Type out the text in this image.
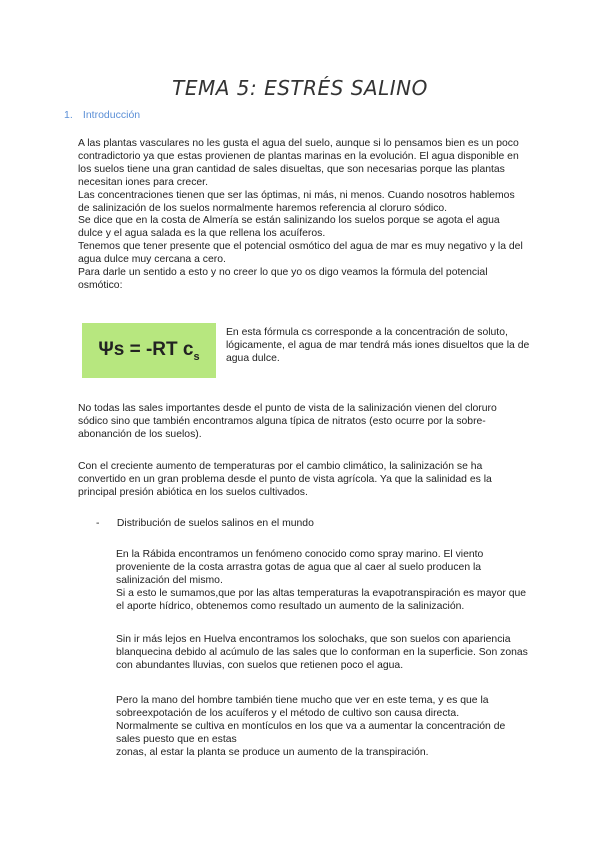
TEMA 5: ESTRÉS SALINO
1. Introducción

A las plantas vasculares no les gusta el agua del suelo, aunque si lo pensamos bien es un poco contradictorio ya que estas provienen de plantas marinas en la evolución. El agua disponible en los suelos tiene una gran cantidad de sales disueltas, que son necesarias porque las plantas necesitan iones para crecer.

Las concentraciones tienen que ser las óptimas, ni más, ni menos. Cuando nosotros hablemos de salinización de los suelos normalmente haremos referencia al cloruro sódico.

Se dice que en la costa de Almería se están salinizando los suelos porque se agota el agua dulce y el agua salada es la que rellena los acuíferos.

Tenemos que tener presente que el potencial osmótico del agua de mar es muy negativo y la del agua dulce muy cercana a cero.

Para darle un sentido a esto y no creer lo que yo os digo veamos la fórmula del potencial osmótico:

Ψs = -RT $c_s$
En esta fórmula cs corresponde a la concentración de soluto, lógicamente, el agua de mar tendrá más iones disueltos que la de agua dulce.

No todas las sales importantes desde el punto de vista de la salinización vienen del cloruro sódico sino que también encontramos alguna típica de nitratos (esto ocurre por la sobre-abonanción de los suelos).

Con el creciente aumento de temperaturas por el cambio climático, la salinización se ha convertido en un gran problema desde el punto de vista agrícola. Ya que la salinidad es la principal presión abiótica en los suelos cultivados.

- Distribución de suelos salinos en el mundo

En la Rábida encontramos un fenómeno conocido como spray marino. El viento proveniente de la costa arrastra gotas de agua que al caer al suelo producen la salinización del mismo.

Si a esto le sumamos,que por las altas temperaturas la evapotranspiración es mayor que el aporte hídrico, obtenemos como resultado un aumento de la salinización.

Sin ir más lejos en Huelva encontramos los solochaks, que son suelos con apariencia blanquecina debido al acúmulo de las sales que lo conforman en la superficie. Son zonas con abundantes lluvias, con suelos que retienen poco el agua.

Pero la mano del hombre también tiene mucho que ver en este tema, y es que la sobreexpotación de los acuíferos y el método de cultivo son causa directa.

Normalmente se cultiva en montículos en los que va a aumentar la concentración de sales puesto que en estas

zonas, al estar la planta se produce un aumento de la transpiración.
